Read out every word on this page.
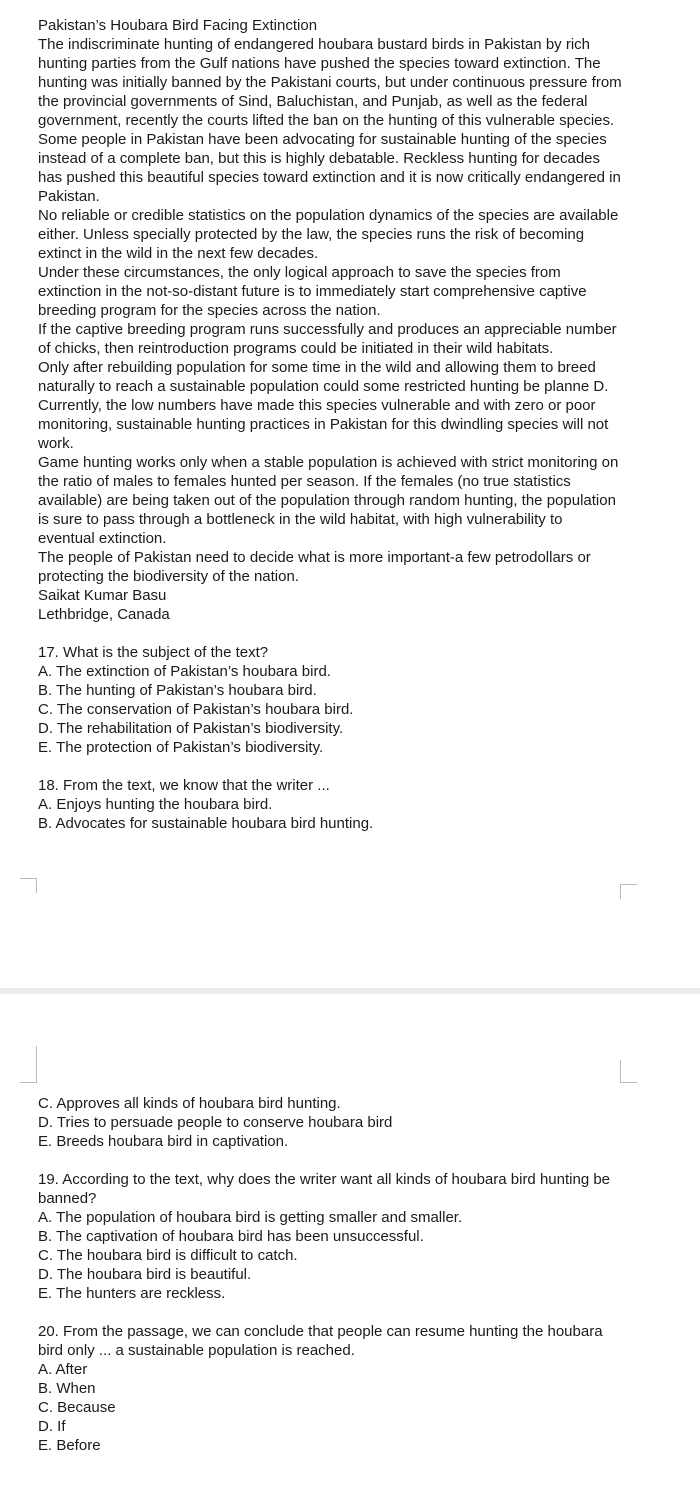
Pakistan’s Houbara Bird Facing Extinction

The indiscriminate hunting of endangered houbara bustard birds in Pakistan by rich hunting parties from the Gulf nations have pushed the species toward extinction. The hunting was initially banned by the Pakistani courts, but under continuous pressure from the provincial governments of Sind, Baluchistan, and Punjab, as well as the federal government, recently the courts lifted the ban on the hunting of this vulnerable species.

Some people in Pakistan have been advocating for sustainable hunting of the species instead of a complete ban, but this is highly debatable. Reckless hunting for decades has pushed this beautiful species toward extinction and it is now critically endangered in Pakistan.

No reliable or credible statistics on the population dynamics of the species are available either. Unless specially protected by the law, the species runs the risk of becoming extinct in the wild in the next few decades.

Under these circumstances, the only logical approach to save the species from extinction in the not-so-distant future is to immediately start comprehensive captive breeding program for the species across the nation.

If the captive breeding program runs successfully and produces an appreciable number of chicks, then reintroduction programs could be initiated in their wild habitats.

Only after rebuilding population for some time in the wild and allowing them to breed naturally to reach a sustainable population could some restricted hunting be planne D. Currently, the low numbers have made this species vulnerable and with zero or poor monitoring, sustainable hunting practices in Pakistan for this dwindling species will not work.

Game hunting works only when a stable population is achieved with strict monitoring on the ratio of males to females hunted per season. If the females (no true statistics available) are being taken out of the population through random hunting, the population is sure to pass through a bottleneck in the wild habitat, with high vulnerability to eventual extinction.

The people of Pakistan need to decide what is more important-a few petrodollars or protecting the biodiversity of the nation.

Saikat Kumar Basu

Lethbridge, Canada

17. What is the subject of the text?

A. The extinction of Pakistan’s houbara bird.

B. The hunting of Pakistan’s houbara bird.

C. The conservation of Pakistan’s houbara bird.

D. The rehabilitation of Pakistan’s biodiversity.

E. The protection of Pakistan’s biodiversity.

18. From the text, we know that the writer ...

A. Enjoys hunting the houbara bird.

B. Advocates for sustainable houbara bird hunting.

C. Approves all kinds of houbara bird hunting.

D. Tries to persuade people to conserve houbara bird

E. Breeds houbara bird in captivation.

19. According to the text, why does the writer want all kinds of houbara bird hunting be banned?

A. The population of houbara bird is getting smaller and smaller.

B. The captivation of houbara bird has been unsuccessful.

C. The houbara bird is difficult to catch.

D. The houbara bird is beautiful.

E. The hunters are reckless.

20. From the passage, we can conclude that people can resume hunting the houbara bird only ... a sustainable population is reached.

A. After

B. When

C. Because

D. If

E. Before
